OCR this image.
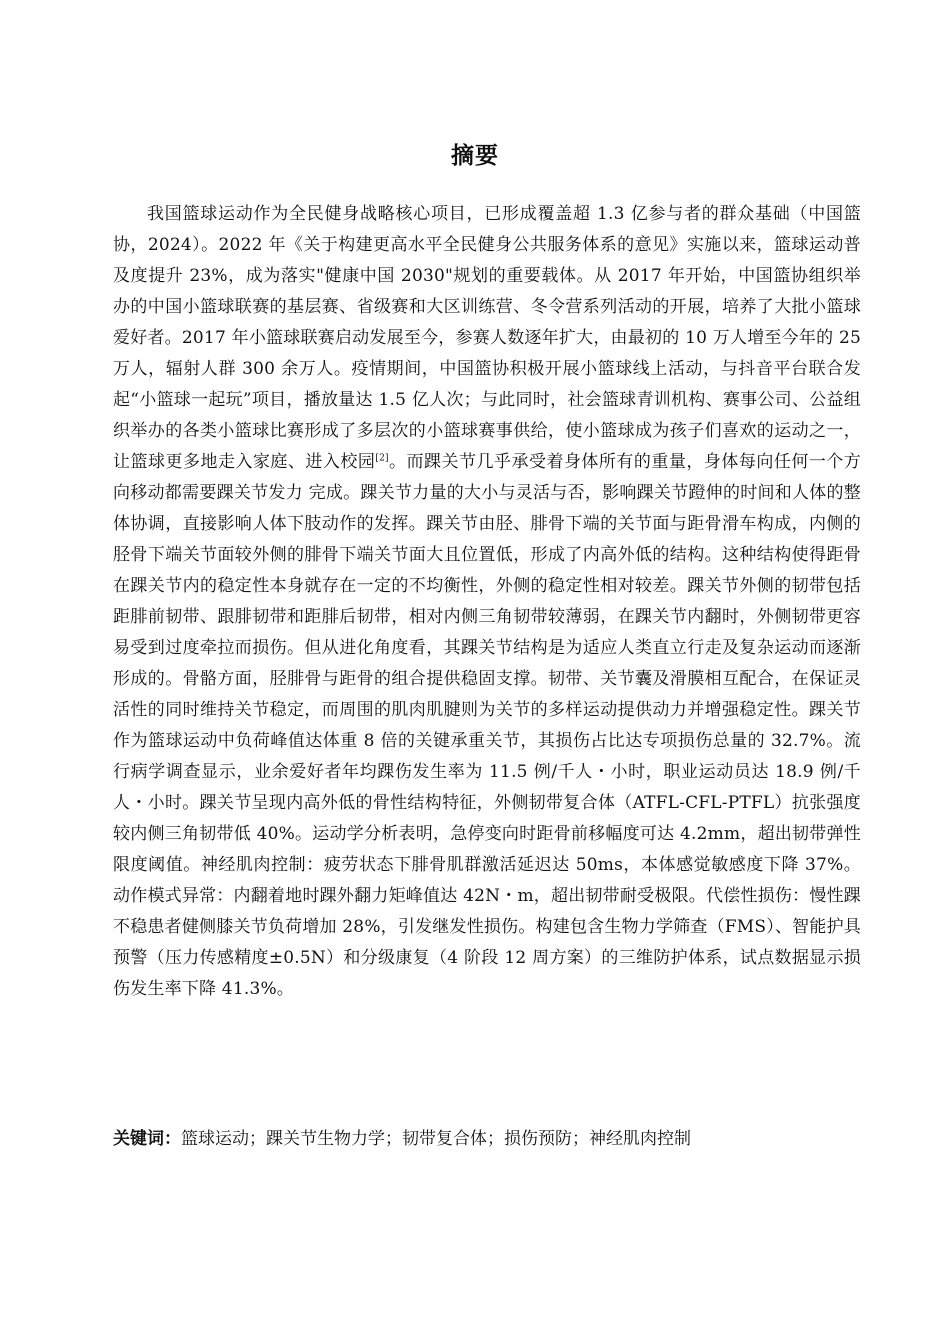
摘要

我国篮球运动作为全民健身战略核心项目，已形成覆盖超 1.3 亿参与者的群众基础（中国篮协，2024）。2022 年《关于构建更高水平全民健身公共服务体系的意见》实施以来，篮球运动普及度提升 23%，成为落实"健康中国 2030"规划的重要载体。从 2017 年开始，中国篮协组织举办的中国小篮球联赛的基层赛、省级赛和大区训练营、冬令营系列活动的开展，培养了大批小篮球爱好者。2017 年小篮球联赛启动发展至今，参赛人数逐年扩大，由最初的 10 万人增至今年的 25 万人，辐射人群 300 余万人。疫情期间，中国篮协积极开展小篮球线上活动，与抖音平台联合发起“小篮球一起玩”项目，播放量达 1.5 亿人次；与此同时，社会篮球青训机构、赛事公司、公益组织举办的各类小篮球比赛形成了多层次的小篮球赛事供给，使小篮球成为孩子们喜欢的运动之一，让篮球更多地走入家庭、进入校园[2]。而踝关节几乎承受着身体所有的重量，身体每向任何一个方向移动都需要踝关节发力 完成。踝关节力量的大小与灵活与否，影响踝关节蹬伸的时间和人体的整体协调，直接影响人体下肢动作的发挥。踝关节由胫、腓骨下端的关节面与距骨滑车构成，内侧的胫骨下端关节面较外侧的腓骨下端关节面大且位置低，形成了内高外低的结构。这种结构使得距骨在踝关节内的稳定性本身就存在一定的不均衡性，外侧的稳定性相对较差。踝关节外侧的韧带包括距腓前韧带、跟腓韧带和距腓后韧带，相对内侧三角韧带较薄弱，在踝关节内翻时，外侧韧带更容易受到过度牵拉而损伤。但从进化角度看，其踝关节结构是为适应人类直立行走及复杂运动而逐渐形成的。骨骼方面，胫腓骨与距骨的组合提供稳固支撑。韧带、关节囊及滑膜相互配合，在保证灵活性的同时维持关节稳定，而周围的肌肉肌腱则为关节的多样运动提供动力并增强稳定性。踝关节作为篮球运动中负荷峰值达体重 8 倍的关键承重关节，其损伤占比达专项损伤总量的 32.7%。流行病学调查显示，业余爱好者年均踝伤发生率为 11.5 例/千人・小时，职业运动员达 18.9 例/千人・小时。踝关节呈现内高外低的骨性结构特征，外侧韧带复合体（ATFL-CFL-PTFL）抗张强度较内侧三角韧带低 40%。运动学分析表明，急停变向时距骨前移幅度可达 4.2mm，超出韧带弹性限度阈值。神经肌肉控制：疲劳状态下腓骨肌群激活延迟达 50ms，本体感觉敏感度下降 37%。动作模式异常：内翻着地时踝外翻力矩峰值达 42N・m，超出韧带耐受极限。代偿性损伤：慢性踝不稳患者健侧膝关节负荷增加 28%，引发继发性损伤。构建包含生物力学筛查（FMS）、智能护具预警（压力传感精度±0.5N）和分级康复（4 阶段 12 周方案）的三维防护体系，试点数据显示损伤发生率下降 41.3%。

关键词：篮球运动；踝关节生物力学；韧带复合体；损伤预防；神经肌肉控制
